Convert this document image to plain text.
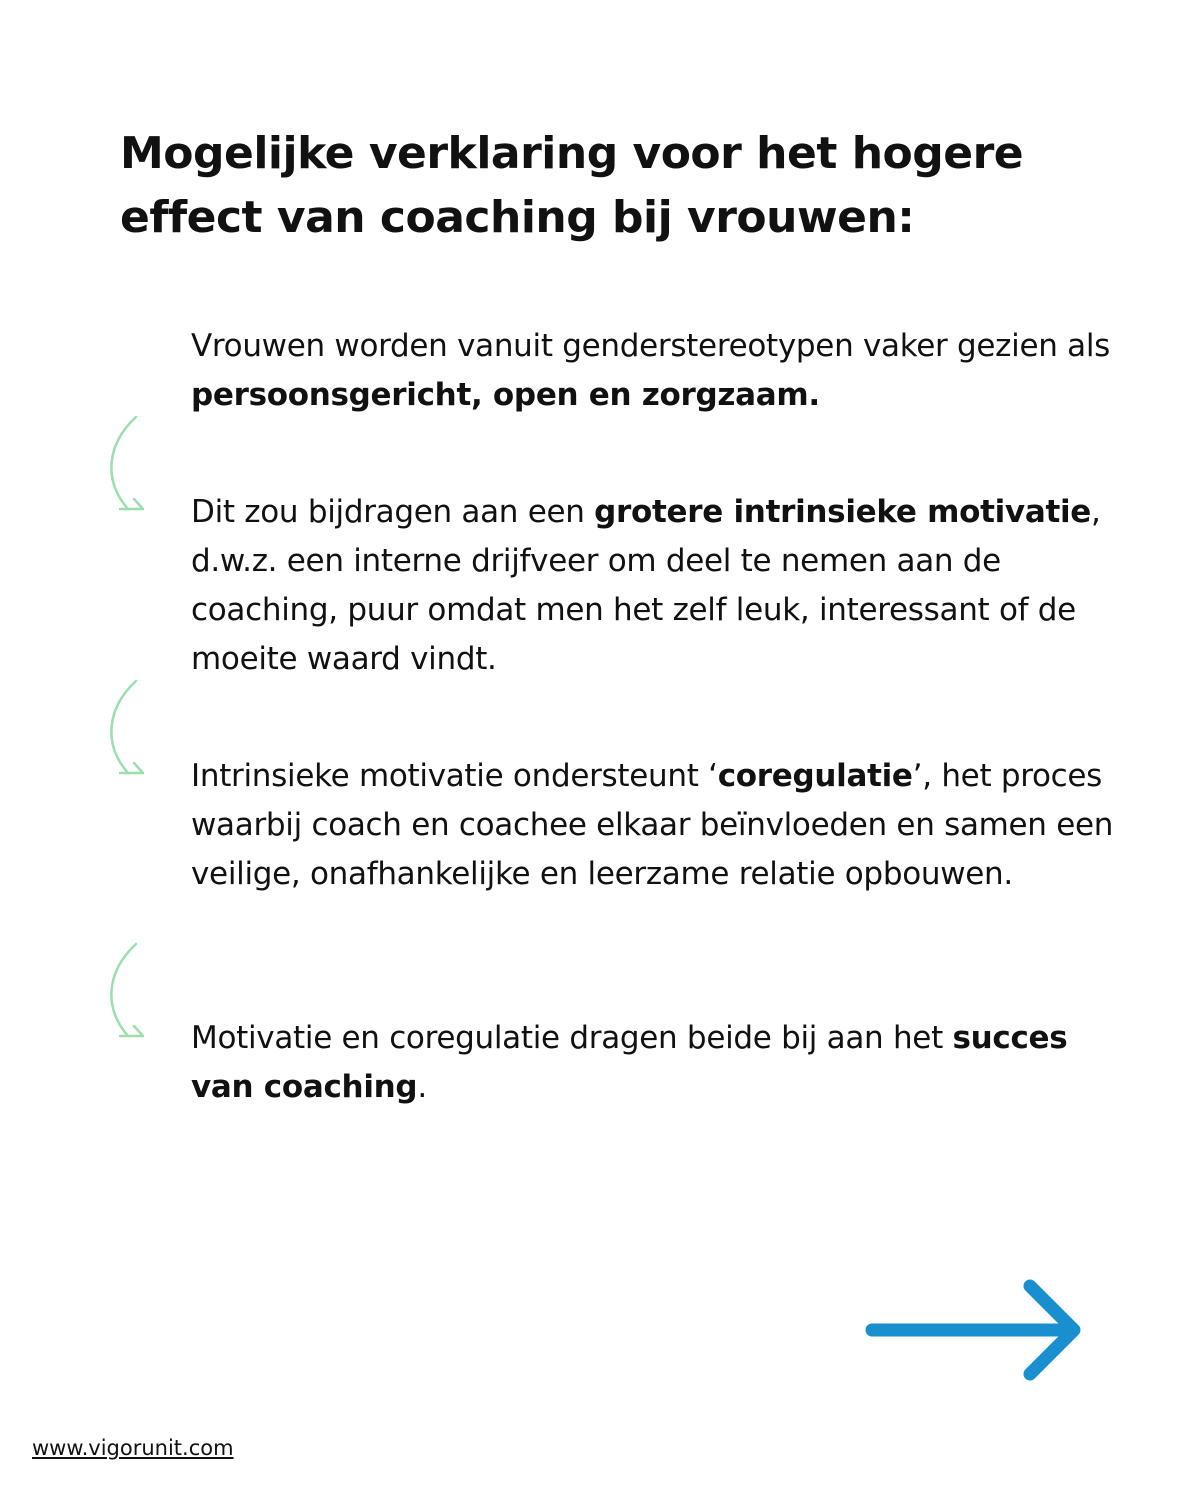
Mogelijke verklaring voor het hogere effect van coaching bij vrouwen:

Vrouwen worden vanuit genderstereotypen vaker gezien als persoonsgericht, open en zorgzaam.

Dit zou bijdragen aan een grotere intrinsieke motivatie, d.w.z. een interne drijfveer om deel te nemen aan de coaching, puur omdat men het zelf leuk, interessant of de moeite waard vindt.

Intrinsieke motivatie ondersteunt ‘coregulatie’, het proces waarbij coach en coachee elkaar beïnvloeden en samen een veilige, onafhankelijke en leerzame relatie opbouwen.

Motivatie en coregulatie dragen beide bij aan het succes van coaching.

www.vigorunit.com
